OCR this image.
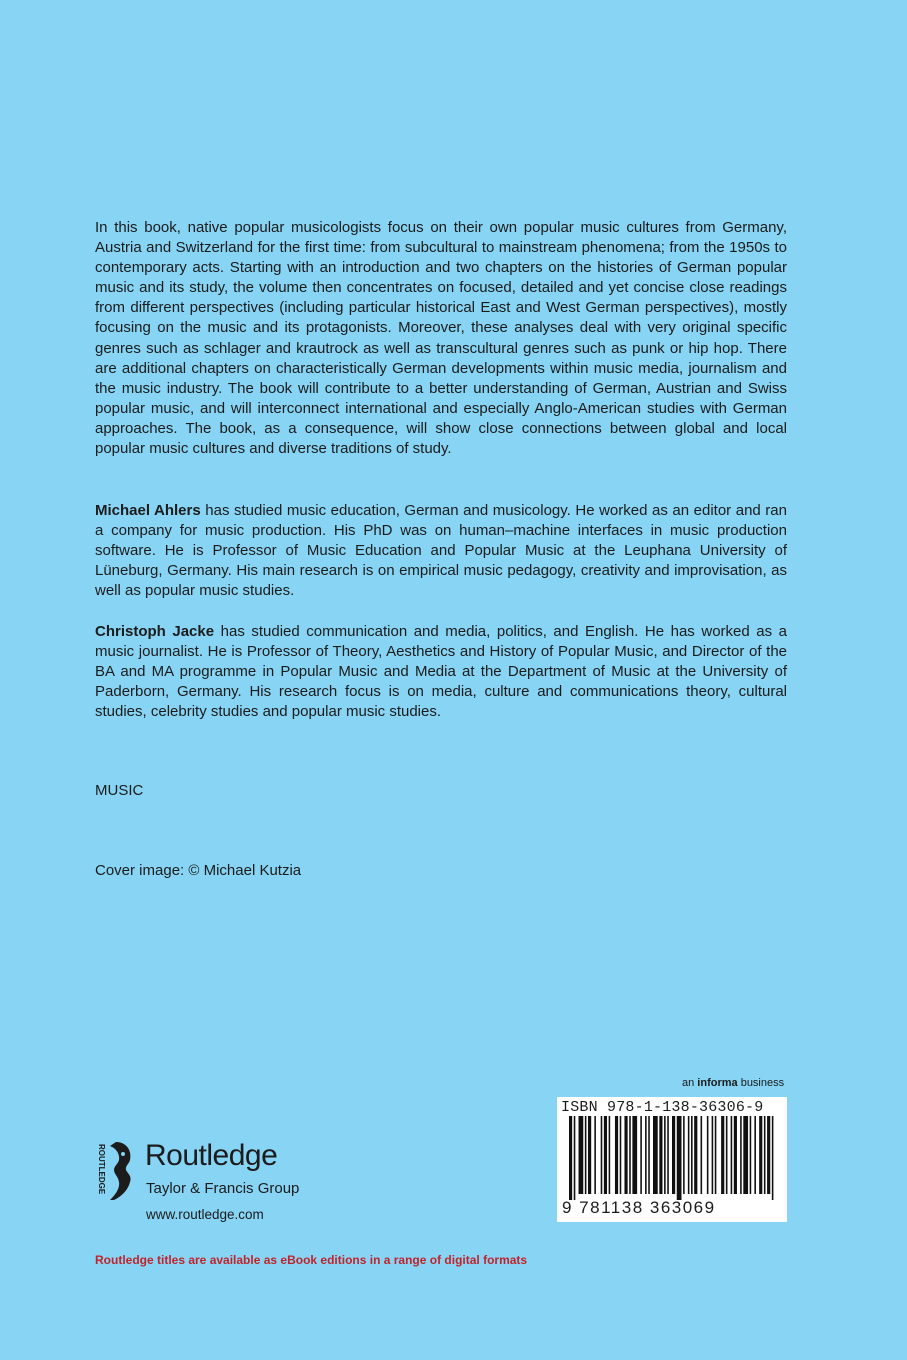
In this book, native popular musicologists focus on their own popular music cultures from Germany, Austria and Switzerland for the first time: from subcultural to mainstream phenomena; from the 1950s to contemporary acts. Starting with an introduction and two chapters on the histories of German popular music and its study, the volume then concentrates on focused, detailed and yet concise close readings from different perspectives (including particular historical East and West German perspectives), mostly focusing on the music and its protagonists. Moreover, these analyses deal with very original specific genres such as schlager and krautrock as well as transcultural genres such as punk or hip hop. There are additional chapters on characteristically German developments within music media, journalism and the music industry. The book will contribute to a better understanding of German, Austrian and Swiss popular music, and will interconnect international and especially Anglo-American studies with German approaches. The book, as a consequence, will show close connections between global and local popular music cultures and diverse traditions of study.

Michael Ahlers has studied music education, German and musicology. He worked as an editor and ran a company for music production. His PhD was on human–machine interfaces in music production software. He is Professor of Music Education and Popular Music at the Leuphana University of Lüneburg, Germany. His main research is on empirical music pedagogy, creativity and improvisation, as well as popular music studies.

Christoph Jacke has studied communication and media, politics, and English. He has worked as a music journalist. He is Professor of Theory, Aesthetics and History of Popular Music, and Director of the BA and MA programme in Popular Music and Media at the Department of Music at the University of Paderborn, Germany. His research focus is on media, culture and communications theory, cultural studies, celebrity studies and popular music studies.

MUSIC
Cover image: © Michael Kutzia
an informa business
ISBN 978-1-138-36306-9
9 781138 363069
ROUTLEDGE Routledge
Taylor & Francis Group
www.routledge.com
Routledge titles are available as eBook editions in a range of digital formats
